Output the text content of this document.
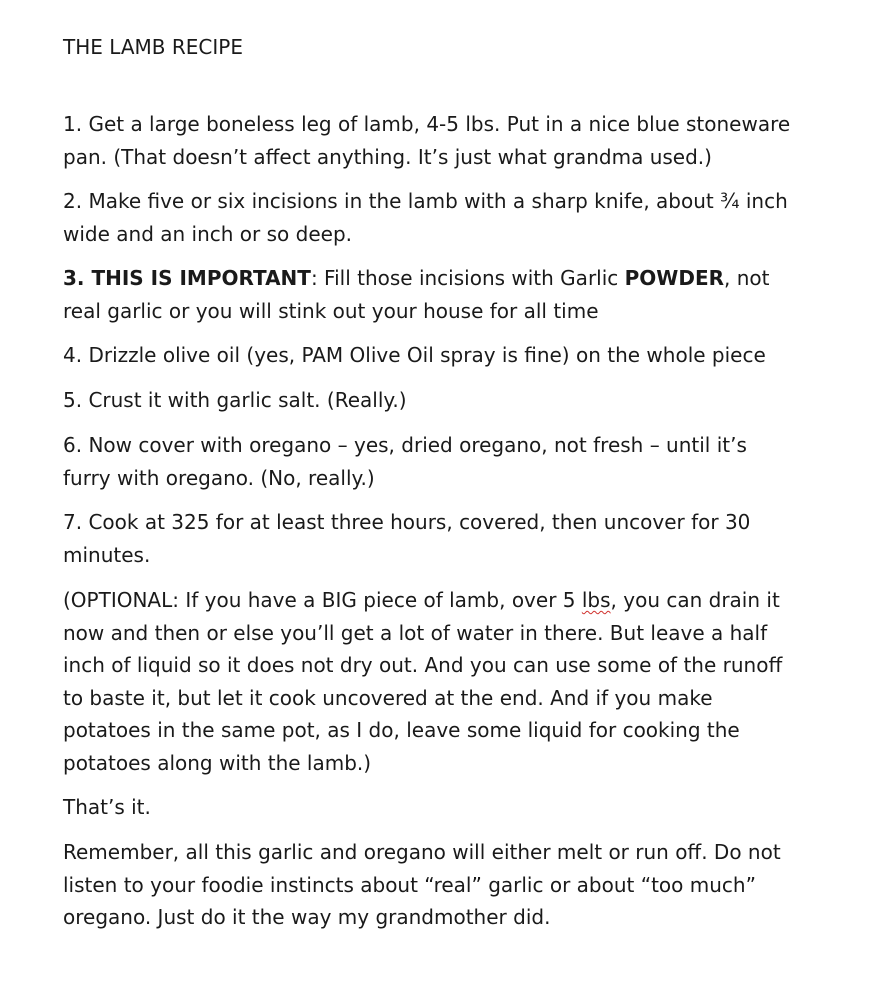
THE LAMB RECIPE
1. Get a large boneless leg of lamb, 4-5 lbs. Put in a nice blue stoneware
pan. (That doesn’t affect anything. It’s just what grandma used.)
2. Make five or six incisions in the lamb with a sharp knife, about ¾ inch
wide and an inch or so deep.
3. THIS IS IMPORTANT: Fill those incisions with Garlic POWDER, not
real garlic or you will stink out your house for all time
4. Drizzle olive oil (yes, PAM Olive Oil spray is fine) on the whole piece
5. Crust it with garlic salt. (Really.)
6. Now cover with oregano – yes, dried oregano, not fresh – until it’s
furry with oregano. (No, really.)
7. Cook at 325 for at least three hours, covered, then uncover for 30
minutes.
(OPTIONAL: If you have a BIG piece of lamb, over 5 lbs, you can drain it
now and then or else you’ll get a lot of water in there. But leave a half
inch of liquid so it does not dry out. And you can use some of the runoff
to baste it, but let it cook uncovered at the end. And if you make
potatoes in the same pot, as I do, leave some liquid for cooking the
potatoes along with the lamb.)
That’s it.
Remember, all this garlic and oregano will either melt or run off. Do not
listen to your foodie instincts about “real” garlic or about “too much”
oregano. Just do it the way my grandmother did.
